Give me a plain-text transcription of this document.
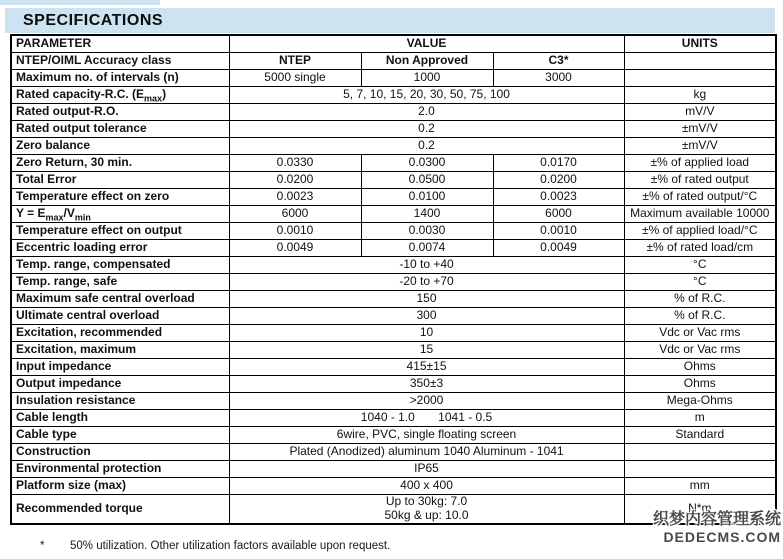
SPECIFICATIONS
PARAMETER	VALUE			UNITS
NTEP/OIML Accuracy class	NTEP	Non Approved	C3*	
Maximum no. of intervals (n)	5000 single	1000	3000	
Rated capacity-R.C. $(E_{max})$	5, 7, 10, 15, 20, 30, 50, 75, 100			kg
Rated output-R.O.	2.0			mV/V
Rated output tolerance	0.2			±mV/V
Zero balance	0.2			±mV/V
Zero Return, 30 min.	0.0330	0.0300	0.0170	±% of applied load
Total Error	0.0200	0.0500	0.0200	±% of rated output
Temperature effect on zero	0.0023	0.0100	0.0023	±% of rated output/°C
$Y = E_{max}/V_{min}$	6000	1400	6000	Maximum available 10000
Temperature effect on output	0.0010	0.0030	0.0010	±% of applied load/°C
Eccentric loading error	0.0049	0.0074	0.0049	±% of rated load/cm
Temp. range, compensated	-10 to +40			°C
Temp. range, safe	-20 to +70			°C
Maximum safe central overload	150			% of R.C.
Ultimate central overload	300			% of R.C.
Excitation, recommended	10			Vdc or Vac rms
Excitation, maximum	15			Vdc or Vac rms
Input impedance	415±15			Ohms
Output impedance	350±3			Ohms
Insulation resistance	>2000			Mega-Ohms
Cable length	1040 - 1.0       1041 - 0.5			m
Cable type	6wire, PVC, single floating screen			Standard
Construction	Plated (Anodized) aluminum 1040 Aluminum - 1041			
Environmental protection	IP65			
Platform size (max)	400 x 400			mm
Recommended torque	Up to 30kg: 7.0
50kg & up: 10.0			N*m
*	50% utilization. Other utilization factors available upon request.
织梦内容管理系统
DEDECMS.COM
